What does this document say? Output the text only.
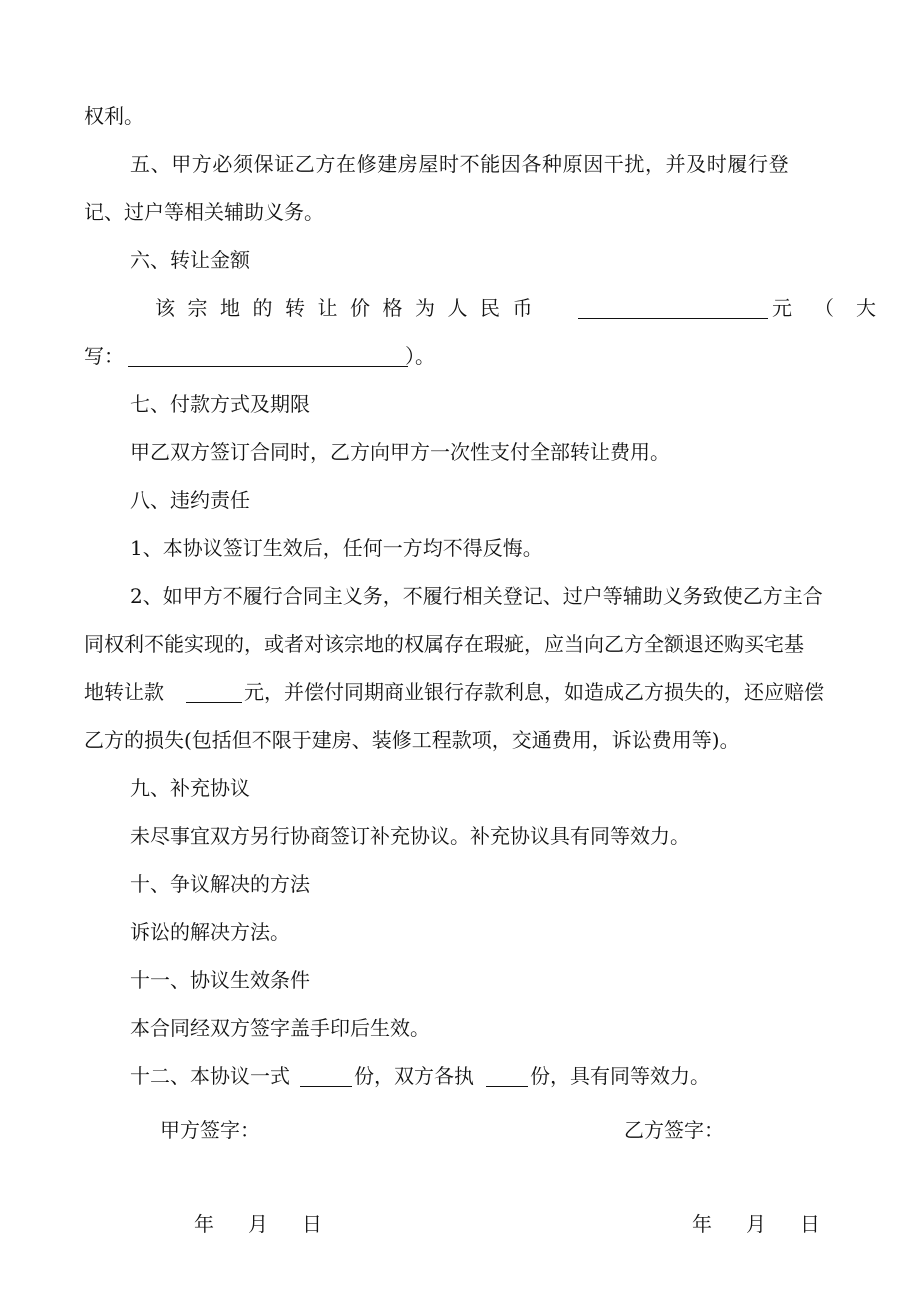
权利。
五、甲方必须保证乙方在修建房屋时不能因各种原因干扰，并及时履行登
记、过户等相关辅助义务。
六、转让金额
该宗地的转让价格为人民币	元（大
写：	）。
七、付款方式及期限
甲乙双方签订合同时，乙方向甲方一次性支付全部转让费用。
八、违约责任
1、本协议签订生效后，任何一方均不得反悔。
2、如甲方不履行合同主义务，不履行相关登记、过户等辅助义务致使乙方主合
同权利不能实现的，或者对该宗地的权属存在瑕疵，应当向乙方全额退还购买宅基
地转让款	元，并偿付同期商业银行存款利息，如造成乙方损失的，还应赔偿
乙方的损失(包括但不限于建房、装修工程款项，交通费用，诉讼费用等)。
九、补充协议
未尽事宜双方另行协商签订补充协议。补充协议具有同等效力。
十、争议解决的方法
诉讼的解决方法。
十一、协议生效条件
本合同经双方签字盖手印后生效。
十二、本协议一式	份，双方各执	份，具有同等效力。
甲方签字：	乙方签字：
年 月 日	年 月 日
